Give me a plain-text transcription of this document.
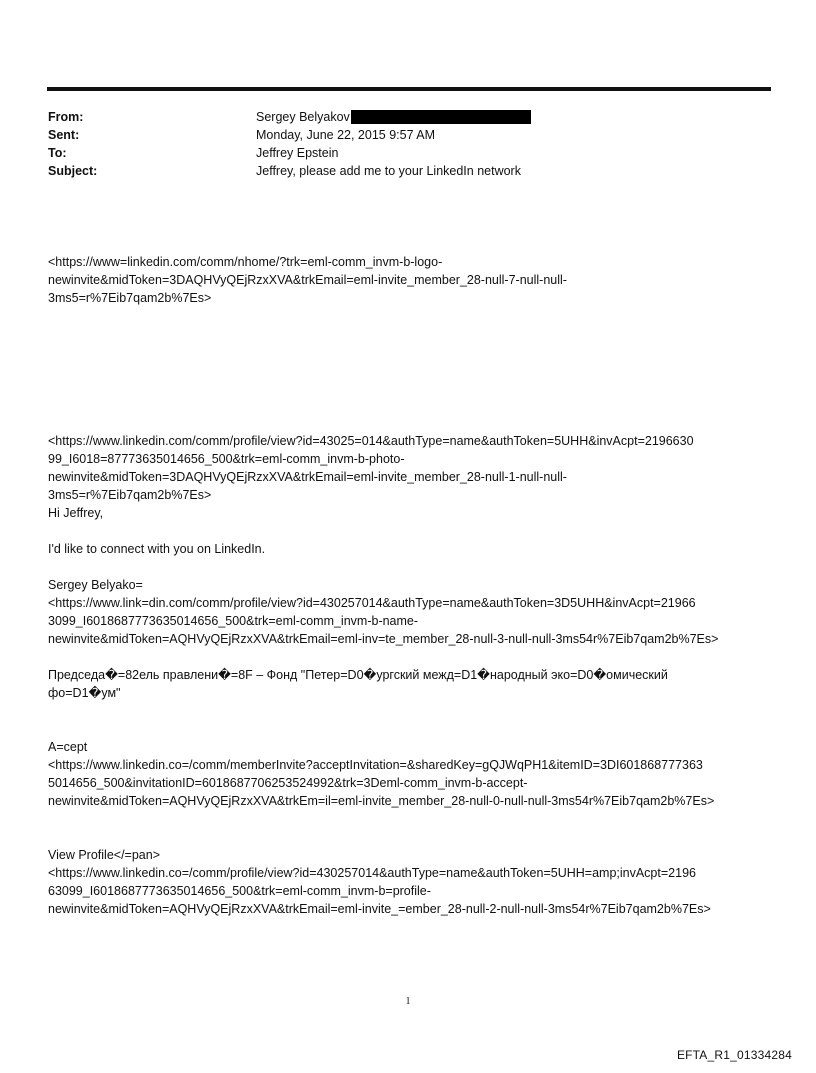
From:	Sergey Belyakov
Sent:	Monday, June 22, 2015 9:57 AM
To:	Jeffrey Epstein
Subject:	Jeffrey, please add me to your LinkedIn network
<https://www=linkedin.com/comm/nhome/?trk=eml-comm_invm-b-logo-
newinvite&midToken=3DAQHVyQEjRzxXVA&trkEmail=eml-invite_member_28-null-7-null-null-
3ms5=r%7Eib7qam2b%7Es>
<https://www.linkedin.com/comm/profile/view?id=43025=014&authType=name&authToken=5UHH&invAcpt=2196630
99_I6018=87773635014656_500&trk=eml-comm_invm-b-photo-
newinvite&midToken=3DAQHVyQEjRzxXVA&trkEmail=eml-invite_member_28-null-1-null-null-
3ms5=r%7Eib7qam2b%7Es>
Hi Jeffrey,
I'd like to connect with you on LinkedIn.
Sergey Belyako=
<https://www.link=din.com/comm/profile/view?id=430257014&authType=name&authToken=3D5UHH&invAcpt=21966
3099_I6018687773635014656_500&trk=eml-comm_invm-b-name-
newinvite&midToken=AQHVyQEjRzxXVA&trkEmail=eml-inv=te_member_28-null-3-null-null-3ms54r%7Eib7qam2b%7Es>
Председа�=82ель правлени�=8F – Фонд "Петер=D0�ургский межд=D1�народный эко=D0�омический
фо=D1�ум"
A=cept
<https://www.linkedin.co=/comm/memberInvite?acceptInvitation=&sharedKey=gQJWqPH1&itemID=3DI601868777363
5014656_500&invitationID=6018687706253524992&trk=3Deml-comm_invm-b-accept-
newinvite&midToken=AQHVyQEjRzxXVA&trkEm=il=eml-invite_member_28-null-0-null-null-3ms54r%7Eib7qam2b%7Es>
View Profile</=pan>
<https://www.linkedin.co=/comm/profile/view?id=430257014&authType=name&authToken=5UHH=amp;invAcpt=2196
63099_I6018687773635014656_500&trk=eml-comm_invm-b=profile-
newinvite&midToken=AQHVyQEjRzxXVA&trkEmail=eml-invite_=ember_28-null-2-null-null-3ms54r%7Eib7qam2b%7Es>
1
EFTA_R1_01334284
